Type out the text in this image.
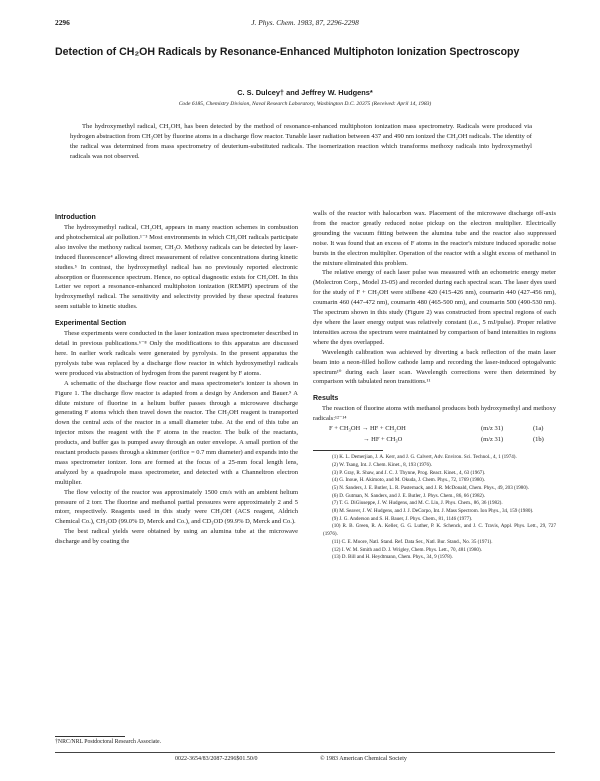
2296	J. Phys. Chem. 1983, 87, 2296-2298
Detection of CH₂OH Radicals by Resonance-Enhanced Multiphoton Ionization Spectroscopy
C. S. Dulcey† and Jeffrey W. Hudgens*
Code 6185, Chemistry Division, Naval Research Laboratory, Washington D.C. 20375 (Received: April 14, 1983)

The hydroxymethyl radical, CH₂OH, has been detected by the method of resonance-enhanced multiphoton ionization mass spectrometry. Radicals were produced via hydrogen abstraction from CH₃OH by fluorine atoms in a discharge flow reactor. Tunable laser radiation between 437 and 490 nm ionized the CH₂OH radicals. The identity of the radical was determined from mass spectrometry of deuterium-substituted radicals. The isomerization reaction which transforms methoxy radicals into hydroxymethyl radicals was not observed.

Introduction

The hydroxymethyl radical, CH₂OH, appears in many reaction schemes in combustion and photochemical air pollution.¹⁻³ Most environments in which CH₂OH radicals participate also involve the methoxy radical isomer, CH₃O. Methoxy radicals can be detected by laser-induced fluorescence⁴ allowing direct measurement of relative concentrations during kinetic studies.⁵ In contrast, the hydroxymethyl radical has no previously reported electronic absorption or fluorescence spectrum. Hence, no optical diagnostic exists for CH₂OH. In this Letter we report a resonance-enhanced multiphoton ionization (REMPI) spectrum of the hydroxymethyl radical. The sensitivity and selectivity provided by these spectral features seem suitable to kinetic studies.

Experimental Section

These experiments were conducted in the laser ionization mass spectrometer described in detail in previous publications.⁶⁻⁸ Only the modifications to this apparatus are discussed here. In earlier work radicals were generated by pyrolysis. In the present apparatus the pyrolysis tube was replaced by a discharge flow reactor in which hydroxymethyl radicals were produced via abstraction of hydrogen from the parent reagent by F atoms.

A schematic of the discharge flow reactor and mass spectrometer's ionizer is shown in Figure 1. The discharge flow reactor is adapted from a design by Anderson and Bauer.⁹ A dilute mixture of fluorine in a helium buffer passes through a microwave discharge generating F atoms which then travel down the reactor. The CH₃OH reagent is transported down the central axis of the reactor in a small diameter tube. At the end of this tube an injector mixes the reagent with the F atoms in the reactor. The bulk of the reactants, products, and buffer gas is pumped away through an outer envelope. A small portion of the reactant products passes through a skimmer (orifice = 0.7 mm diameter) and expands into the mass spectrometer ionizer. Ions are formed at the focus of a 25-mm focal length lens, analyzed by a quadrupole mass spectrometer, and detected with a Channeltron electron multiplier.

The flow velocity of the reactor was approximately 1500 cm/s with an ambient helium pressure of 2 torr. The fluorine and methanol partial pressures were approximately 2 and 5 mtorr, respectively. Reagents used in this study were CH₃OH (ACS reagent, Aldrich Chemical Co.), CH₃OD (99.0% D, Merck and Co.), and CD₃OD (99.9% D, Merck and Co.).

The best radical yields were obtained by using an alumina tube at the microwave discharge and by coating the

walls of the reactor with halocarbon wax. Placement of the microwave discharge off-axis from the reactor greatly reduced noise pickup on the electron multiplier. Electrically grounding the vacuum fitting between the alumina tube and the reactor also suppressed noise. It was found that an excess of F atoms in the reactor's mixture induced sporadic noise bursts in the electron multiplier. Operation of the reactor with a slight excess of methanol in the mixture eliminated this problem.

The relative energy of each laser pulse was measured with an echometric energy meter (Molectron Corp., Model J3-05) and recorded during each spectral scan. The laser dyes used for the study of F + CH₃OH were stilbene 420 (415-426 nm), coumarin 440 (427-456 nm), coumarin 460 (447-472 nm), coumarin 480 (465-500 nm), and coumarin 500 (490-530 nm). The spectrum shown in this study (Figure 2) was constructed from spectral regions of each dye where the laser energy output was relatively constant (i.e., 5 mJ/pulse). Proper relative intensities across the spectrum were maintained by comparison of band intensities in regions where the dyes overlapped.

Wavelength calibration was achieved by diverting a back reflection of the main laser beam into a neon-filled hollow cathode lamp and recording the laser-induced optogalvanic spectrum¹⁰ during each laser scan. Wavelength corrections were then determined by comparison with tabulated neon transitions.¹¹

Results

The reaction of fluorine atoms with methanol produces both hydroxymethyl and methoxy radicals:¹²⁻¹⁴

F + CH₃OH → HF + CH₂OH	(m/z 31)	(1a)
→ HF + CH₃O	(m/z 31)	(1b)

(1) K. L. Demerjian, J. A. Kerr, and J. G. Calvert, Adv. Environ. Sci. Technol., 4, 1 (1974).

(2) W. Tsang, Int. J. Chem. Kinet., 8, 193 (1976).

(3) P. Gray, R. Shaw, and J. C. J. Thynne, Prog. React. Kinet., 4, 63 (1967).

(4) G. Inoue, H. Akimoto, and M. Okuda, J. Chem. Phys., 72, 1769 (1980).

(5) N. Sanders, J. E. Butler, L. R. Pasternack, and J. R. McDonald, Chem. Phys., 49, 203 (1980).

(6) D. Gutman, N. Sanders, and J. E. Butler, J. Phys. Chem., 86, 66 (1982).

(7) T. G. DiGiuseppe, J. W. Hudgens, and M. C. Lin, J. Phys. Chem., 86, 36 (1982).

(8) M. Seaver, J. W. Hudgens, and J. J. DeCorpo, Int. J. Mass Spectrom. Ion Phys., 34, 159 (1980).

(9) J. G. Anderson and S. H. Bauer, J. Phys. Chem., 81, 1146 (1977).

(10) R. B. Green, R. A. Keller, G. G. Luther, P. K. Schenck, and J. C. Travis, Appl. Phys. Lett., 29, 727 (1976).

(11) C. E. Moore, Natl. Stand. Ref. Data Ser., Natl. Bur. Stand., No. 35 (1971).

(12) I. W. M. Smith and D. J. Wrigley, Chem. Phys. Lett., 70, 481 (1980).

(13) D. Bill and H. Heydtmann, Chem. Phys., 34, 9 (1978).

†NRC/NRL Postdoctoral Research Associate.
0022-3654/83/2087-2296$01.50/0	© 1983 American Chemical Society
